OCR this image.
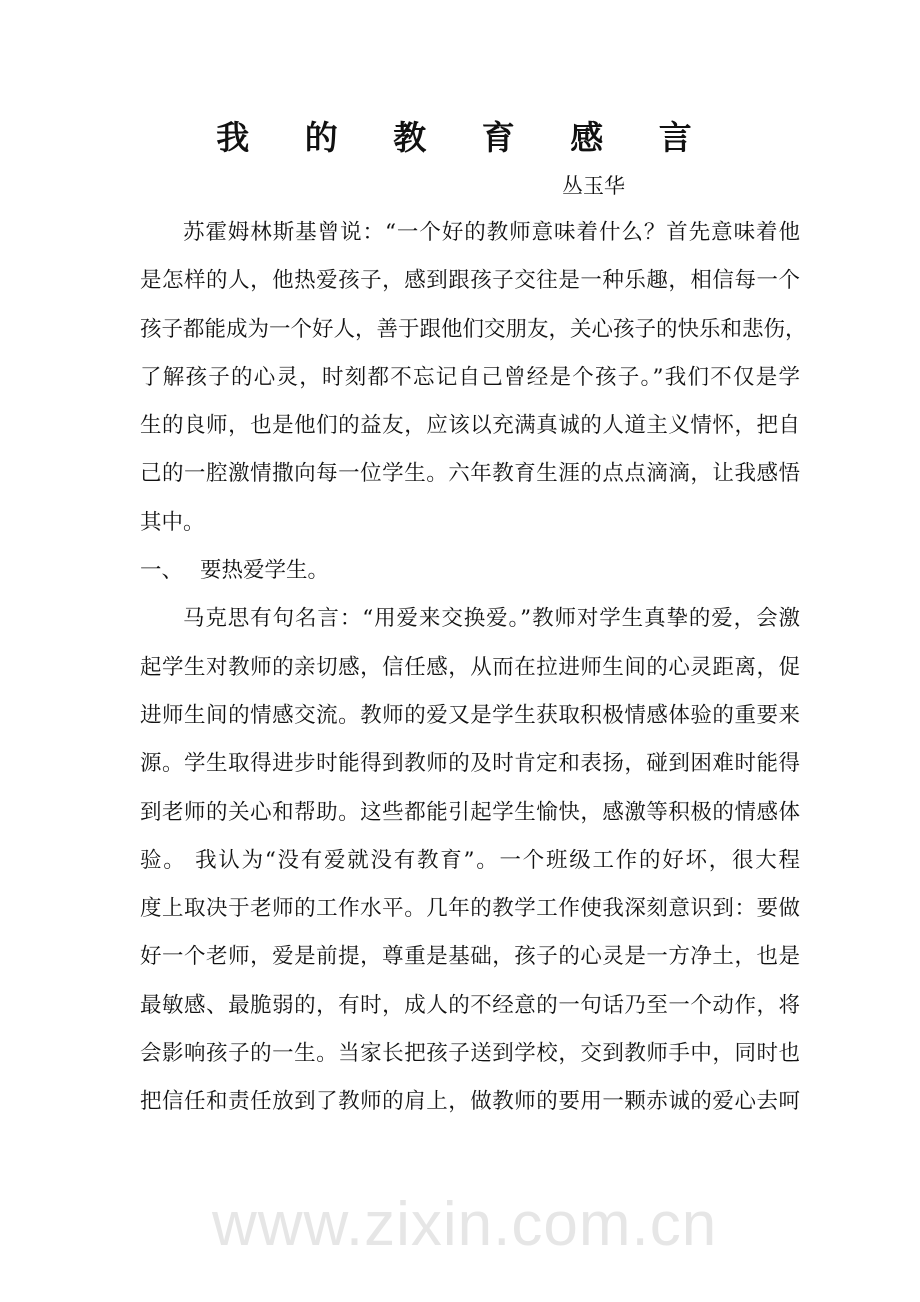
我 的 教 育 感 言
丛玉华
www.zixin.com.cn
苏霍姆林斯基曾说：“一个好的教师意味着什么？首先意味着他
是怎样的人，他热爱孩子，感到跟孩子交往是一种乐趣，相信每一个
孩子都能成为一个好人，善于跟他们交朋友，关心孩子的快乐和悲伤，
了解孩子的心灵，时刻都不忘记自己曾经是个孩子。”我们不仅是学
生的良师，也是他们的益友，应该以充满真诚的人道主义情怀，把自
己的一腔激情撒向每一位学生。六年教育生涯的点点滴滴，让我感悟
其中。
一、 要热爱学生。
马克思有句名言：“用爱来交换爱。”教师对学生真挚的爱，会激
起学生对教师的亲切感，信任感，从而在拉进师生间的心灵距离，促
进师生间的情感交流。教师的爱又是学生获取积极情感体验的重要来
源。学生取得进步时能得到教师的及时肯定和表扬，碰到困难时能得
到老师的关心和帮助。这些都能引起学生愉快，感激等积极的情感体
验。 我认为“没有爱就没有教育”。一个班级工作的好坏，很大程
度上取决于老师的工作水平。几年的教学工作使我深刻意识到：要做
好一个老师，爱是前提，尊重是基础，孩子的心灵是一方净土，也是
最敏感、最脆弱的，有时，成人的不经意的一句话乃至一个动作，将
会影响孩子的一生。当家长把孩子送到学校，交到教师手中，同时也
把信任和责任放到了教师的肩上，做教师的要用一颗赤诚的爱心去呵
